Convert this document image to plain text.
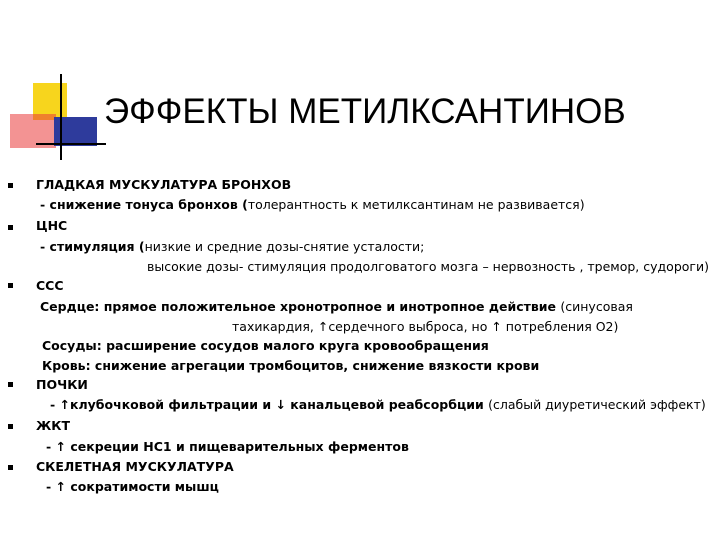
ЭФФЕКТЫ МЕТИЛКСАНТИНОВ
ГЛАДКАЯ МУСКУЛАТУРА БРОНХОВ
- снижение тонуса бронхов (толерантность к метилксантинам не развивается)
ЦНС
- стимуляция (низкие и средние дозы-снятие усталости;
высокие дозы- стимуляция продолговатого мозга – нервозность , тремор, судороги)
ССС
Сердце: прямое положительное хронотропное и инотропное действие (синусовая
тахикардия, ↑сердечного выброса, но ↑ потребления О2)
Сосуды: расширение сосудов малого круга кровообращения
Кровь: снижение агрегации тромбоцитов, снижение вязкости крови
ПОЧКИ
- ↑клубочковой фильтрации и ↓ канальцевой реабсорбции (слабый диуретический эффект)
ЖКТ
- ↑ секреции НС1 и пищеварительных ферментов
СКЕЛЕТНАЯ МУСКУЛАТУРА
- ↑ сократимости мышц
